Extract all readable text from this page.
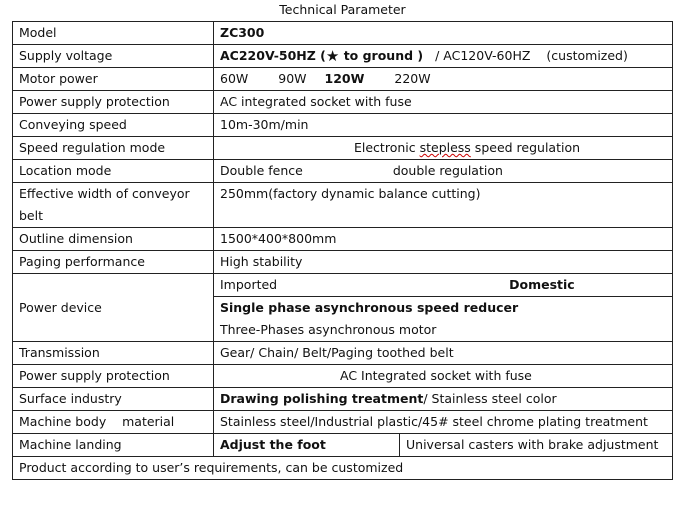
Technical Parameter
Model	ZC300	
Supply voltage	AC220V-50HZ (★ to ground ) / AC120V-60HZ (customized)	
Motor power	60W 90W 120W 220W	
Power supply protection	AC integrated socket with fuse	
Conveying speed	10m-30m/min	
Speed regulation mode	Electronic stepless speed regulation	
Location mode	Double fence double regulation	

Effective width of conveyor
belt	250mm(factory dynamic balance cutting)	
Outline dimension	1500*400*800mm	
Paging performance	High stability	
Power device	Imported Domestic	
	Single phase asynchronous speed reducer	
	Three-Phases asynchronous motor	
Transmission	Gear/ Chain/ Belt/Paging toothed belt	
Power supply protection	AC Integrated socket with fuse	
Surface industry	Drawing polishing treatment/ Stainless steel color	
Machine body    material	Stainless steel/Industrial plastic/45# steel chrome plating treatment	
Machine landing	Adjust the foot	Universal casters with brake adjustment
Product according to user’s requirements, can be customized		
